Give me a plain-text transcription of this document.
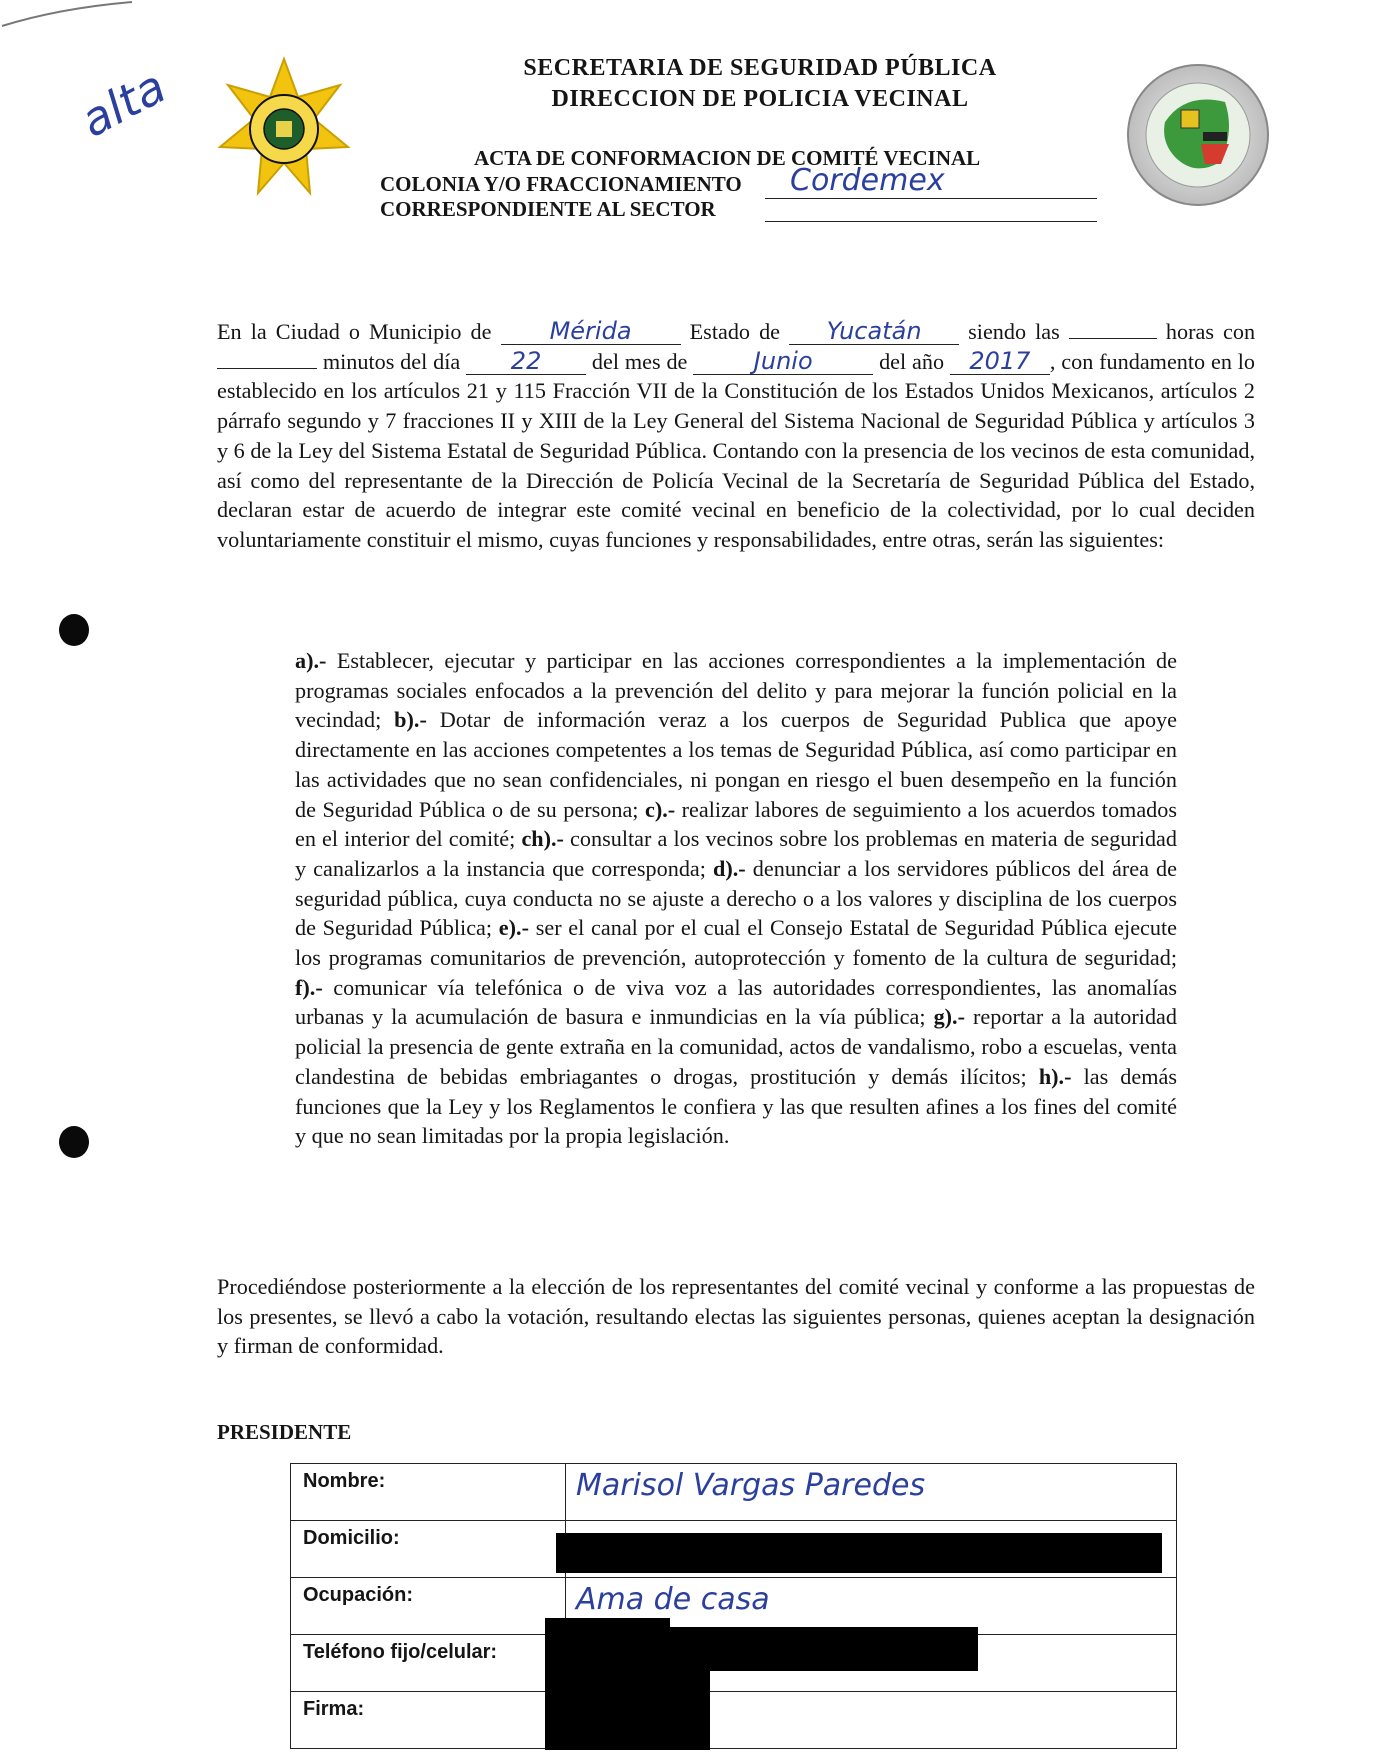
alta	SECRETARIA DE SEGURIDAD PÚBLICA
DIRECCION DE POLICIA VECINAL
ACTA DE CONFORMACION DE COMITÉ VECINAL
COLONIA Y/O FRACCIONAMIENTO Cordemex
CORRESPONDIENTE AL SECTOR
En la Ciudad o Municipio de Mérida	Estado de Yucatán siendo las	horas con  minutos del día 22 del mes de	Junio	del año 2017 , con fundamento en lo establecido en los artículos 21 y 115 Fracción VII de la Constitución de los Estados Unidos Mexicanos, artículos 2 párrafo segundo y 7 fracciones II y XIII de la Ley General del Sistema Nacional de Seguridad Pública y artículos 3 y 6 de la Ley del Sistema Estatal de Seguridad Pública. Contando con la presencia de los vecinos de esta comunidad, así como del representante de la Dirección de Policía Vecinal de la Secretaría de Seguridad Pública del Estado, declaran estar de acuerdo de integrar este comité vecinal en beneficio de la colectividad, por lo cual deciden voluntariamente constituir el mismo, cuyas funciones y responsabilidades, entre otras, serán las siguientes:
a).- Establecer, ejecutar y participar en las acciones correspondientes a la implementación de programas sociales enfocados a la prevención del delito y para mejorar la función policial en la vecindad; b).- Dotar de información veraz a los cuerpos de Seguridad Publica que apoye directamente en las acciones competentes a los temas de Seguridad Pública, así como participar en las actividades que no sean confidenciales, ni pongan en riesgo el buen desempeño en la función de Seguridad Pública o de su persona; c).- realizar labores de seguimiento a los acuerdos tomados en el interior del comité; ch).- consultar a los vecinos sobre los problemas en materia de seguridad y canalizarlos a la instancia que corresponda; d).- denunciar a los servidores públicos del área de seguridad pública, cuya conducta no se ajuste a derecho o a los valores y disciplina de los cuerpos de Seguridad Pública; e).- ser el canal por el cual el Consejo Estatal de Seguridad Pública ejecute los programas comunitarios de prevención, autoprotección y fomento de la cultura de seguridad; f).- comunicar vía telefónica o de viva voz a las autoridades correspondientes, las anomalías urbanas y la acumulación de basura e inmundicias en la vía pública; g).- reportar a la autoridad policial la presencia de gente extraña en la comunidad, actos de vandalismo, robo a escuelas, venta clandestina de bebidas embriagantes o drogas, prostitución y demás ilícitos; h).- las demás funciones que la Ley y los Reglamentos le confiera y las que resulten afines a los fines del comité y que no sean limitadas por la propia legislación.
Procediéndose posteriormente a la elección de los representantes del comité vecinal y conforme a las propuestas de los presentes, se llevó a cabo la votación, resultando electas las siguientes personas, quienes aceptan la designación y firman de conformidad.
PRESIDENTE
Nombre:	Marisol Vargas Paredes

Domicilio:	

Ocupación:	Ama de casa

Teléfono fijo/celular:	

Firma:	
